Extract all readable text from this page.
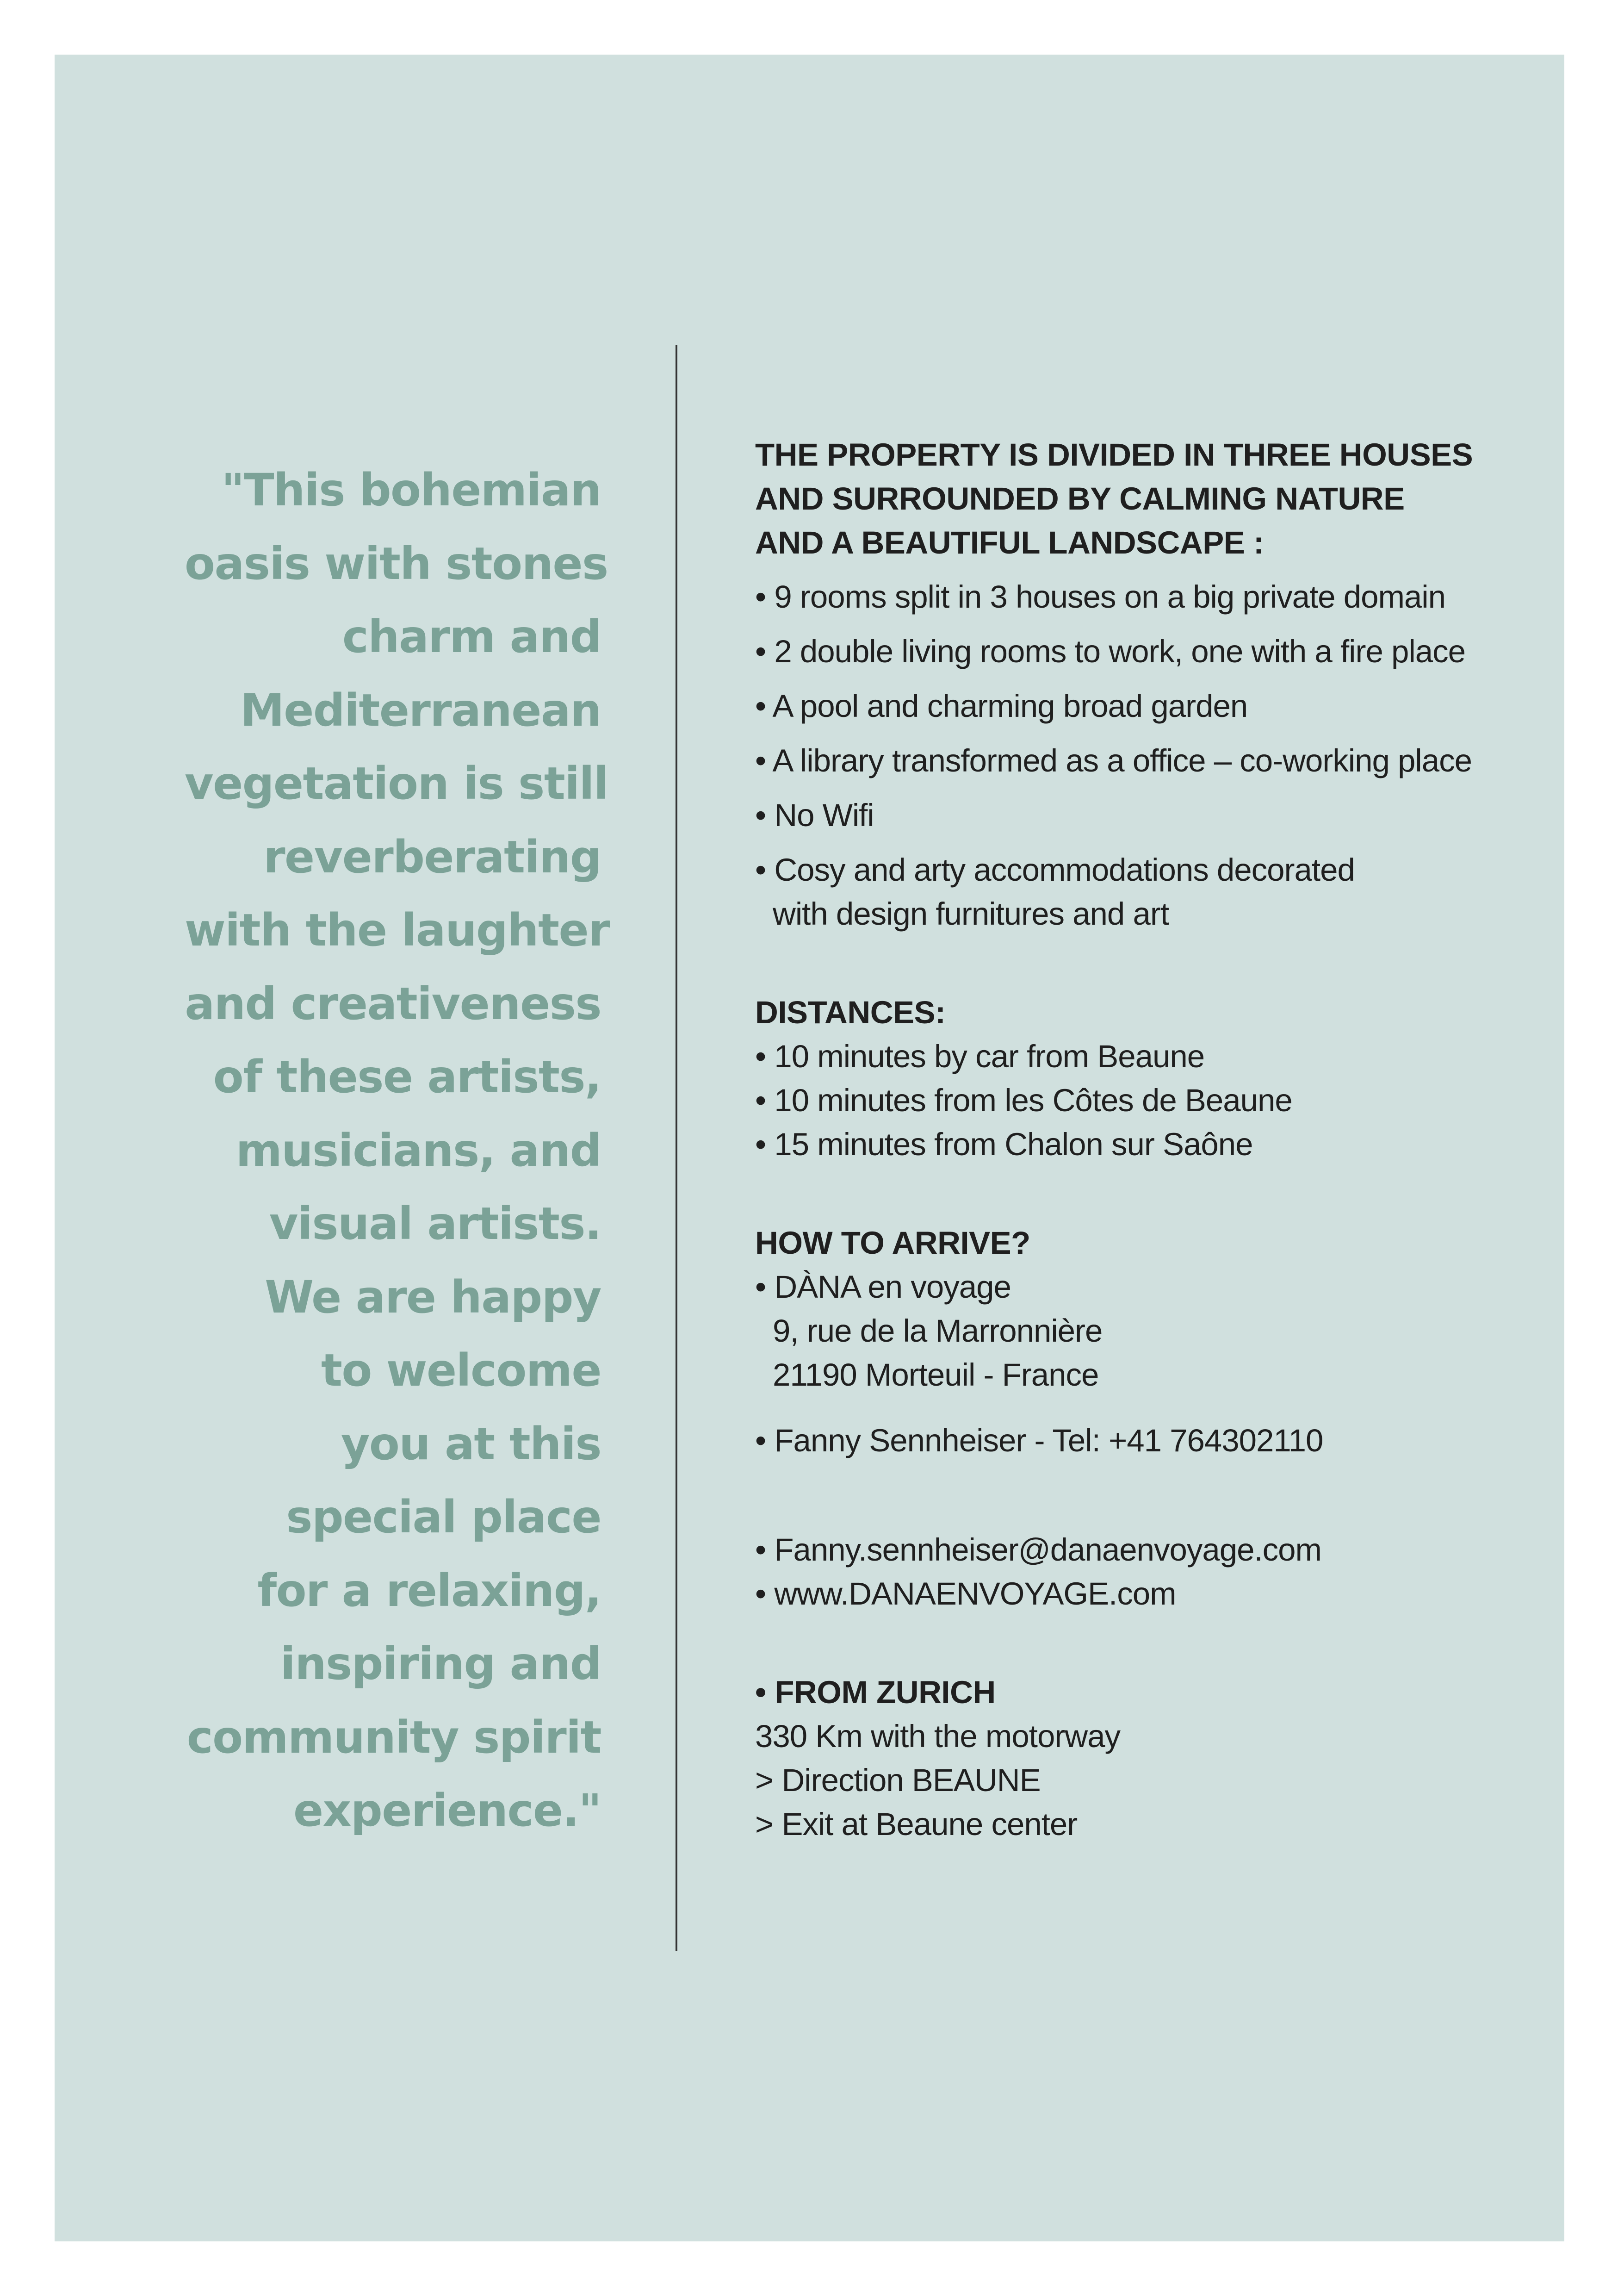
"This bohemian
oasis with stones
charm and
Mediterranean
vegetation is still
reverberating
with the laughter
and creativeness
of these artists,
musicians, and
visual artists.
We are happy
to welcome
you at this
special place
for a relaxing,
inspiring and
community spirit
experience."

THE PROPERTY IS DIVIDED IN THREE HOUSES
AND SURROUNDED BY CALMING NATURE
AND A BEAUTIFUL LANDSCAPE :
• 9 rooms split in 3 houses on a big private domain
• 2 double living rooms to work, one with a fire place
• A pool and charming broad garden
• A library transformed as a office – co-working place
• No Wifi
• Cosy and arty accommodations decorated
with design furnitures and art
DISTANCES:
• 10 minutes by car from Beaune
• 10 minutes from les Côtes de Beaune
• 15 minutes from Chalon sur Saône
HOW TO ARRIVE?
• DÀNA en voyage
9, rue de la Marronnière
21190 Morteuil - France
• Fanny Sennheiser - Tel: +41 764302110
• Fanny.sennheiser@danaenvoyage.com
• www.DANAENVOYAGE.com
• FROM ZURICH
330 Km with the motorway
> Direction BEAUNE
> Exit at Beaune center
